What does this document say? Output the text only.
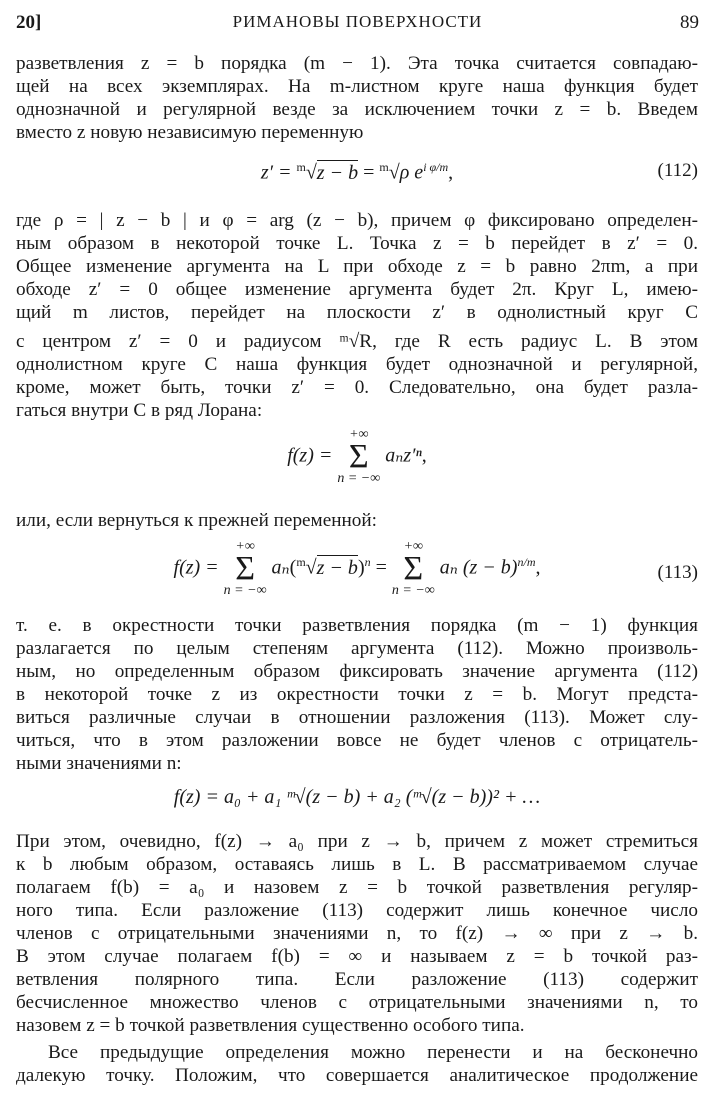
20]	РИМАНОВЫ ПОВЕРХНОСТИ	89

разветвления z = b порядка (m − 1). Эта точка считается совпадаю-

щей на всех экземплярах. На m-листном круге наша функция будет

однозначной и регулярной везде за исключением точки z = b. Введем

вместо z новую независимую переменную

z′ = $^m$√z − b = $^m$√ρ $e^{i \varphi/m}$,	(112)

где ρ = | z − b | и φ = arg (z − b), причем φ фиксировано определен-

ным образом в некоторой точке L. Точка z = b перейдет в z′ = 0.

Общее изменение аргумента на L при обходе z = b равно 2πm, а при

обходе z′ = 0 общее изменение аргумента будет 2π. Круг L, имею-

щий m листов, перейдет на плоскости z′ в однолистный круг C

с центром z′ = 0 и радиусом ᵐ√R, где R есть радиус L. В этом

однолистном круге C наша функция будет однозначной и регулярной,

кроме, может быть, точки z′ = 0. Следовательно, она будет разла-

гаться внутри C в ряд Лорана:

f(z) =
+∞
Σ
n = −∞
aₙz′ⁿ,

или, если вернуться к прежней переменной:

f(z) =
+∞
Σ
n = −∞
$a_n(^m√z - b)^n$ =
+∞
Σ
n = −∞
aₙ $(z - b)^{n/m}$,	(113)

т. е. в окрестности точки разветвления порядка (m − 1) функция

разлагается по целым степеням аргумента (112). Можно произволь-

ным, но определенным образом фиксировать значение аргумента (112)

в некоторой точке z из окрестности точки z = b. Могут предста-

виться различные случаи в отношении разложения (113). Может слу-

читься, что в этом разложении вовсе не будет членов с отрицатель-

ными значениями n:

f(z) = a₀ + a₁ ᵐ√(z − b) + a₂ (ᵐ√(z − b))² + …

При этом, очевидно, f(z) → a₀ при z → b, причем z может стремиться

к b любым образом, оставаясь лишь в L. В рассматриваемом случае

полагаем f(b) = a₀ и назовем z = b точкой разветвления регуляр-

ного типа. Если разложение (113) содержит лишь конечное число

членов с отрицательными значениями n, то f(z) → ∞ при z → b.

В этом случае полагаем f(b) = ∞ и называем z = b точкой раз-

ветвления полярного типа. Если разложение (113) содержит

бесчисленное множество членов с отрицательными значениями n, то

назовем z = b точкой разветвления существенно особого типа.

Все предыдущие определения можно перенести и на бесконечно

далекую точку. Положим, что совершается аналитическое продолжение
